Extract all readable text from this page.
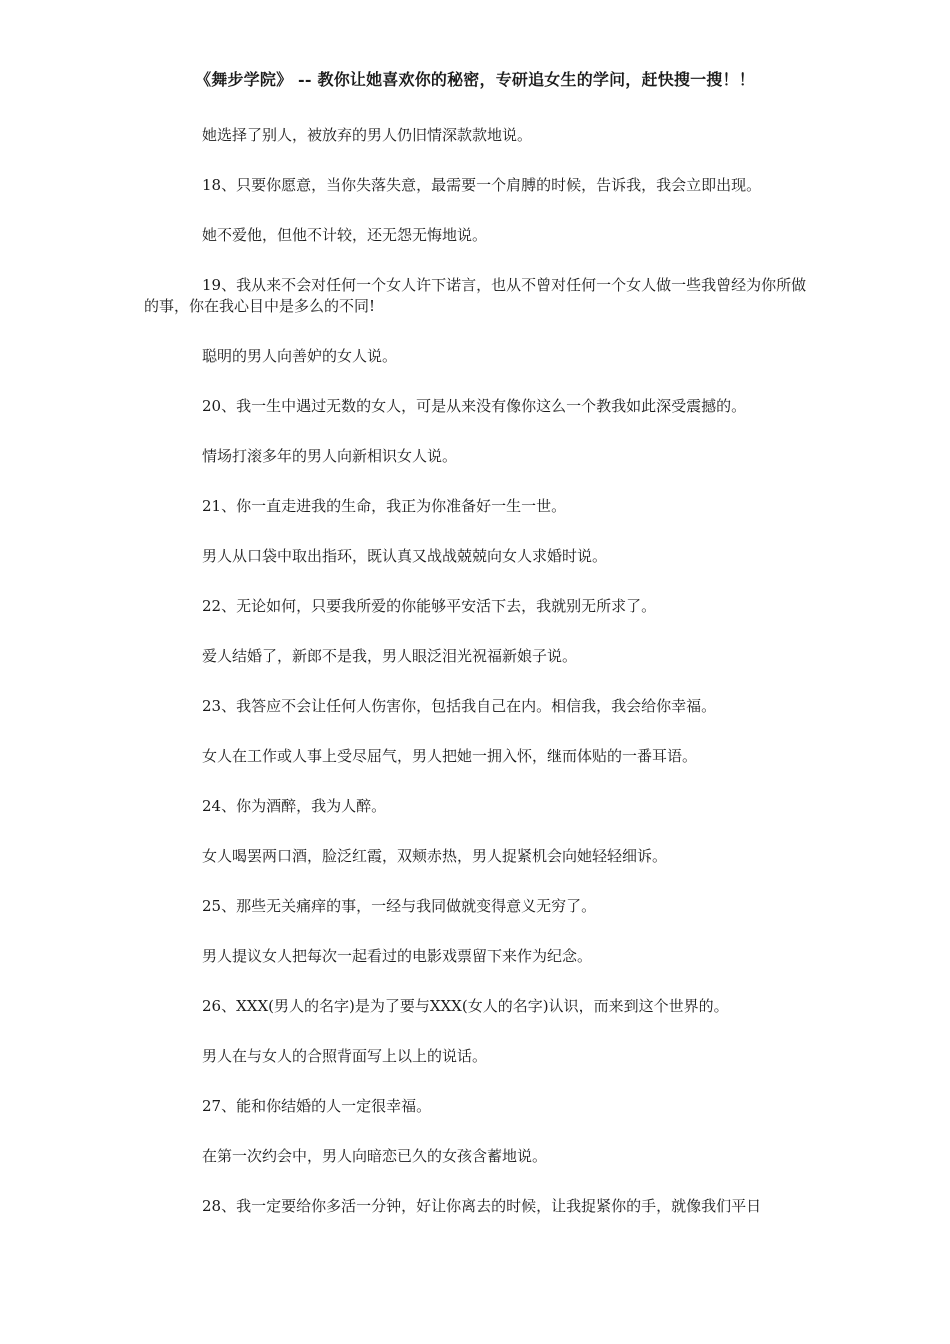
《舞步学院》 -- 教你让她喜欢你的秘密，专研追女生的学问，赶快搜一搜！！

她选择了别人，被放弃的男人仍旧情深款款地说。

18、只要你愿意，当你失落失意，最需要一个肩膊的时候，告诉我，我会立即出现。

她不爱他，但他不计较，还无怨无悔地说。

19、我从来不会对任何一个女人许下诺言，也从不曾对任何一个女人做一些我曾经为你所做的事，你在我心目中是多么的不同!

聪明的男人向善妒的女人说。

20、我一生中遇过无数的女人，可是从来没有像你这么一个教我如此深受震撼的。

情场打滚多年的男人向新相识女人说。

21、你一直走进我的生命，我正为你准备好一生一世。

男人从口袋中取出指环，既认真又战战兢兢向女人求婚时说。

22、无论如何，只要我所爱的你能够平安活下去，我就别无所求了。

爱人结婚了，新郎不是我，男人眼泛泪光祝福新娘子说。

23、我答应不会让任何人伤害你，包括我自己在内。相信我，我会给你幸福。

女人在工作或人事上受尽屈气，男人把她一拥入怀，继而体贴的一番耳语。

24、你为酒醉，我为人醉。

女人喝罢两口酒，脸泛红霞，双颊赤热，男人捉紧机会向她轻轻细诉。

25、那些无关痛痒的事，一经与我同做就变得意义无穷了。

男人提议女人把每次一起看过的电影戏票留下来作为纪念。

26、XXX(男人的名字)是为了要与XXX(女人的名字)认识，而来到这个世界的。

男人在与女人的合照背面写上以上的说话。

27、能和你结婚的人一定很幸福。

在第一次约会中，男人向暗恋已久的女孩含蓄地说。

28、我一定要给你多活一分钟，好让你离去的时候，让我捉紧你的手，就像我们平日
